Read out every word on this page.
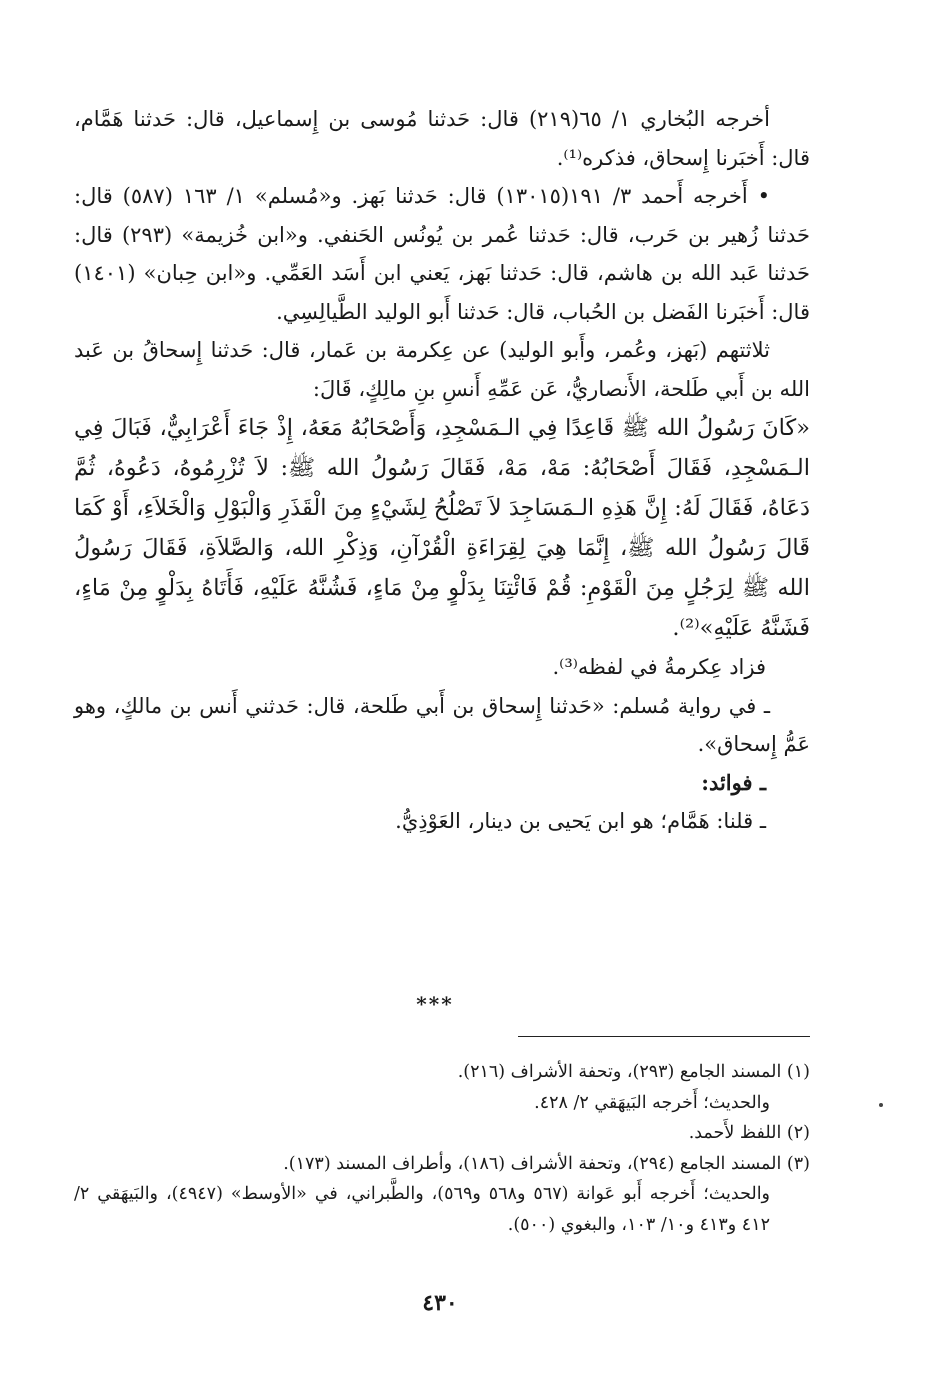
أخرجه البُخاري ١/ ٦٥(٢١٩) قال: حَدثنا مُوسى بن إِسماعيل، قال: حَدثنا هَمَّام، قال: أَخبَرنا إِسحاق، فذكره⁽¹⁾.

• أَخرجه أَحمد ٣/ ١٩١(١٣٠١٥) قال: حَدثنا بَهز. و«مُسلم» ١/ ١٦٣ (٥٨٧) قال: حَدثنا زُهير بن حَرب، قال: حَدثنا عُمر بن يُونُس الحَنفي. و«ابن خُزيمة» (٢٩٣) قال: حَدثنا عَبد الله بن هاشم، قال: حَدثنا بَهز، يَعني ابن أَسَد العَمِّي. و«ابن حِبان» (١٤٠١) قال: أَخبَرنا الفَضل بن الحُباب، قال: حَدثنا أَبو الوليد الطَّيالِسِي.

ثلاثتهم (بَهز، وعُمر، وأَبو الوليد) عن عِكرمة بن عَمار، قال: حَدثنا إِسحاقُ بن عَبد الله بن أَبي طَلحة، الأَنصاريُّ، عَن عَمِّهِ أَنسِ بنِ مالِكٍ، قَالَ:

«كَانَ رَسُولُ الله ﷺ قَاعِدًا فِي الـمَسْجِدِ، وَأَصْحَابُهُ مَعَهُ، إِذْ جَاءَ أَعْرَابِيٌّ، فَبَالَ فِي الـمَسْجِدِ، فَقَالَ أَصْحَابُهُ: مَهْ، مَهْ، فَقَالَ رَسُولُ الله ﷺ: لاَ تُزْرِمُوهُ، دَعُوهُ، ثُمَّ دَعَاهُ، فَقَالَ لَهُ: إِنَّ هَذِهِ الـمَسَاجِدَ لاَ تَصْلُحُ لِشَيْءٍ مِنَ الْقَذَرِ وَالْبَوْلِ وَالْخَلاَءِ، أَوْ كَمَا قَالَ رَسُولُ الله ﷺ، إِنَّمَا هِيَ لِقِرَاءَةِ الْقُرْآنِ، وَذِكْرِ الله، وَالصَّلاَةِ، فَقَالَ رَسُولُ الله ﷺ لِرَجُلٍ مِنَ الْقَوْمِ: قُمْ فَائْتِنَا بِدَلْوٍ مِنْ مَاءٍ، فَشُنَّهُ عَلَيْهِ، فَأَتَاهُ بِدَلْوٍ مِنْ مَاءٍ، فَشَنَّهُ عَلَيْهِ»⁽²⁾.

فزاد عِكرمةُ في لفظه⁽³⁾.

ـ في رواية مُسلم: «حَدثنا إِسحاق بن أَبي طَلحة، قال: حَدثني أَنس بن مالكٍ، وهو عَمُّ إِسحاق».

ـ فوائد:

ـ قلنا: هَمَّام؛ هو ابن يَحيى بن دينار، العَوْذِيُّ.

***

(١) المسند الجامع (٢٩٣)، وتحفة الأشراف (٢١٦).

والحديث؛ أَخرجه البَيهَقي ٢/ ٤٢٨.

(٢) اللفظ لأَحمد.

(٣) المسند الجامع (٢٩٤)، وتحفة الأشراف (١٨٦)، وأطراف المسند (١٧٣).

والحديث؛ أَخرجه أَبو عَوانة (٥٦٧ و٥٦٨ و٥٦٩)، والطَّبراني، في «الأوسط» (٤٩٤٧)، والبَيهَقي ٢/ ٤١٢ و٤١٣ و١٠/ ١٠٣، والبغوي (٥٠٠).

٤٣٠
